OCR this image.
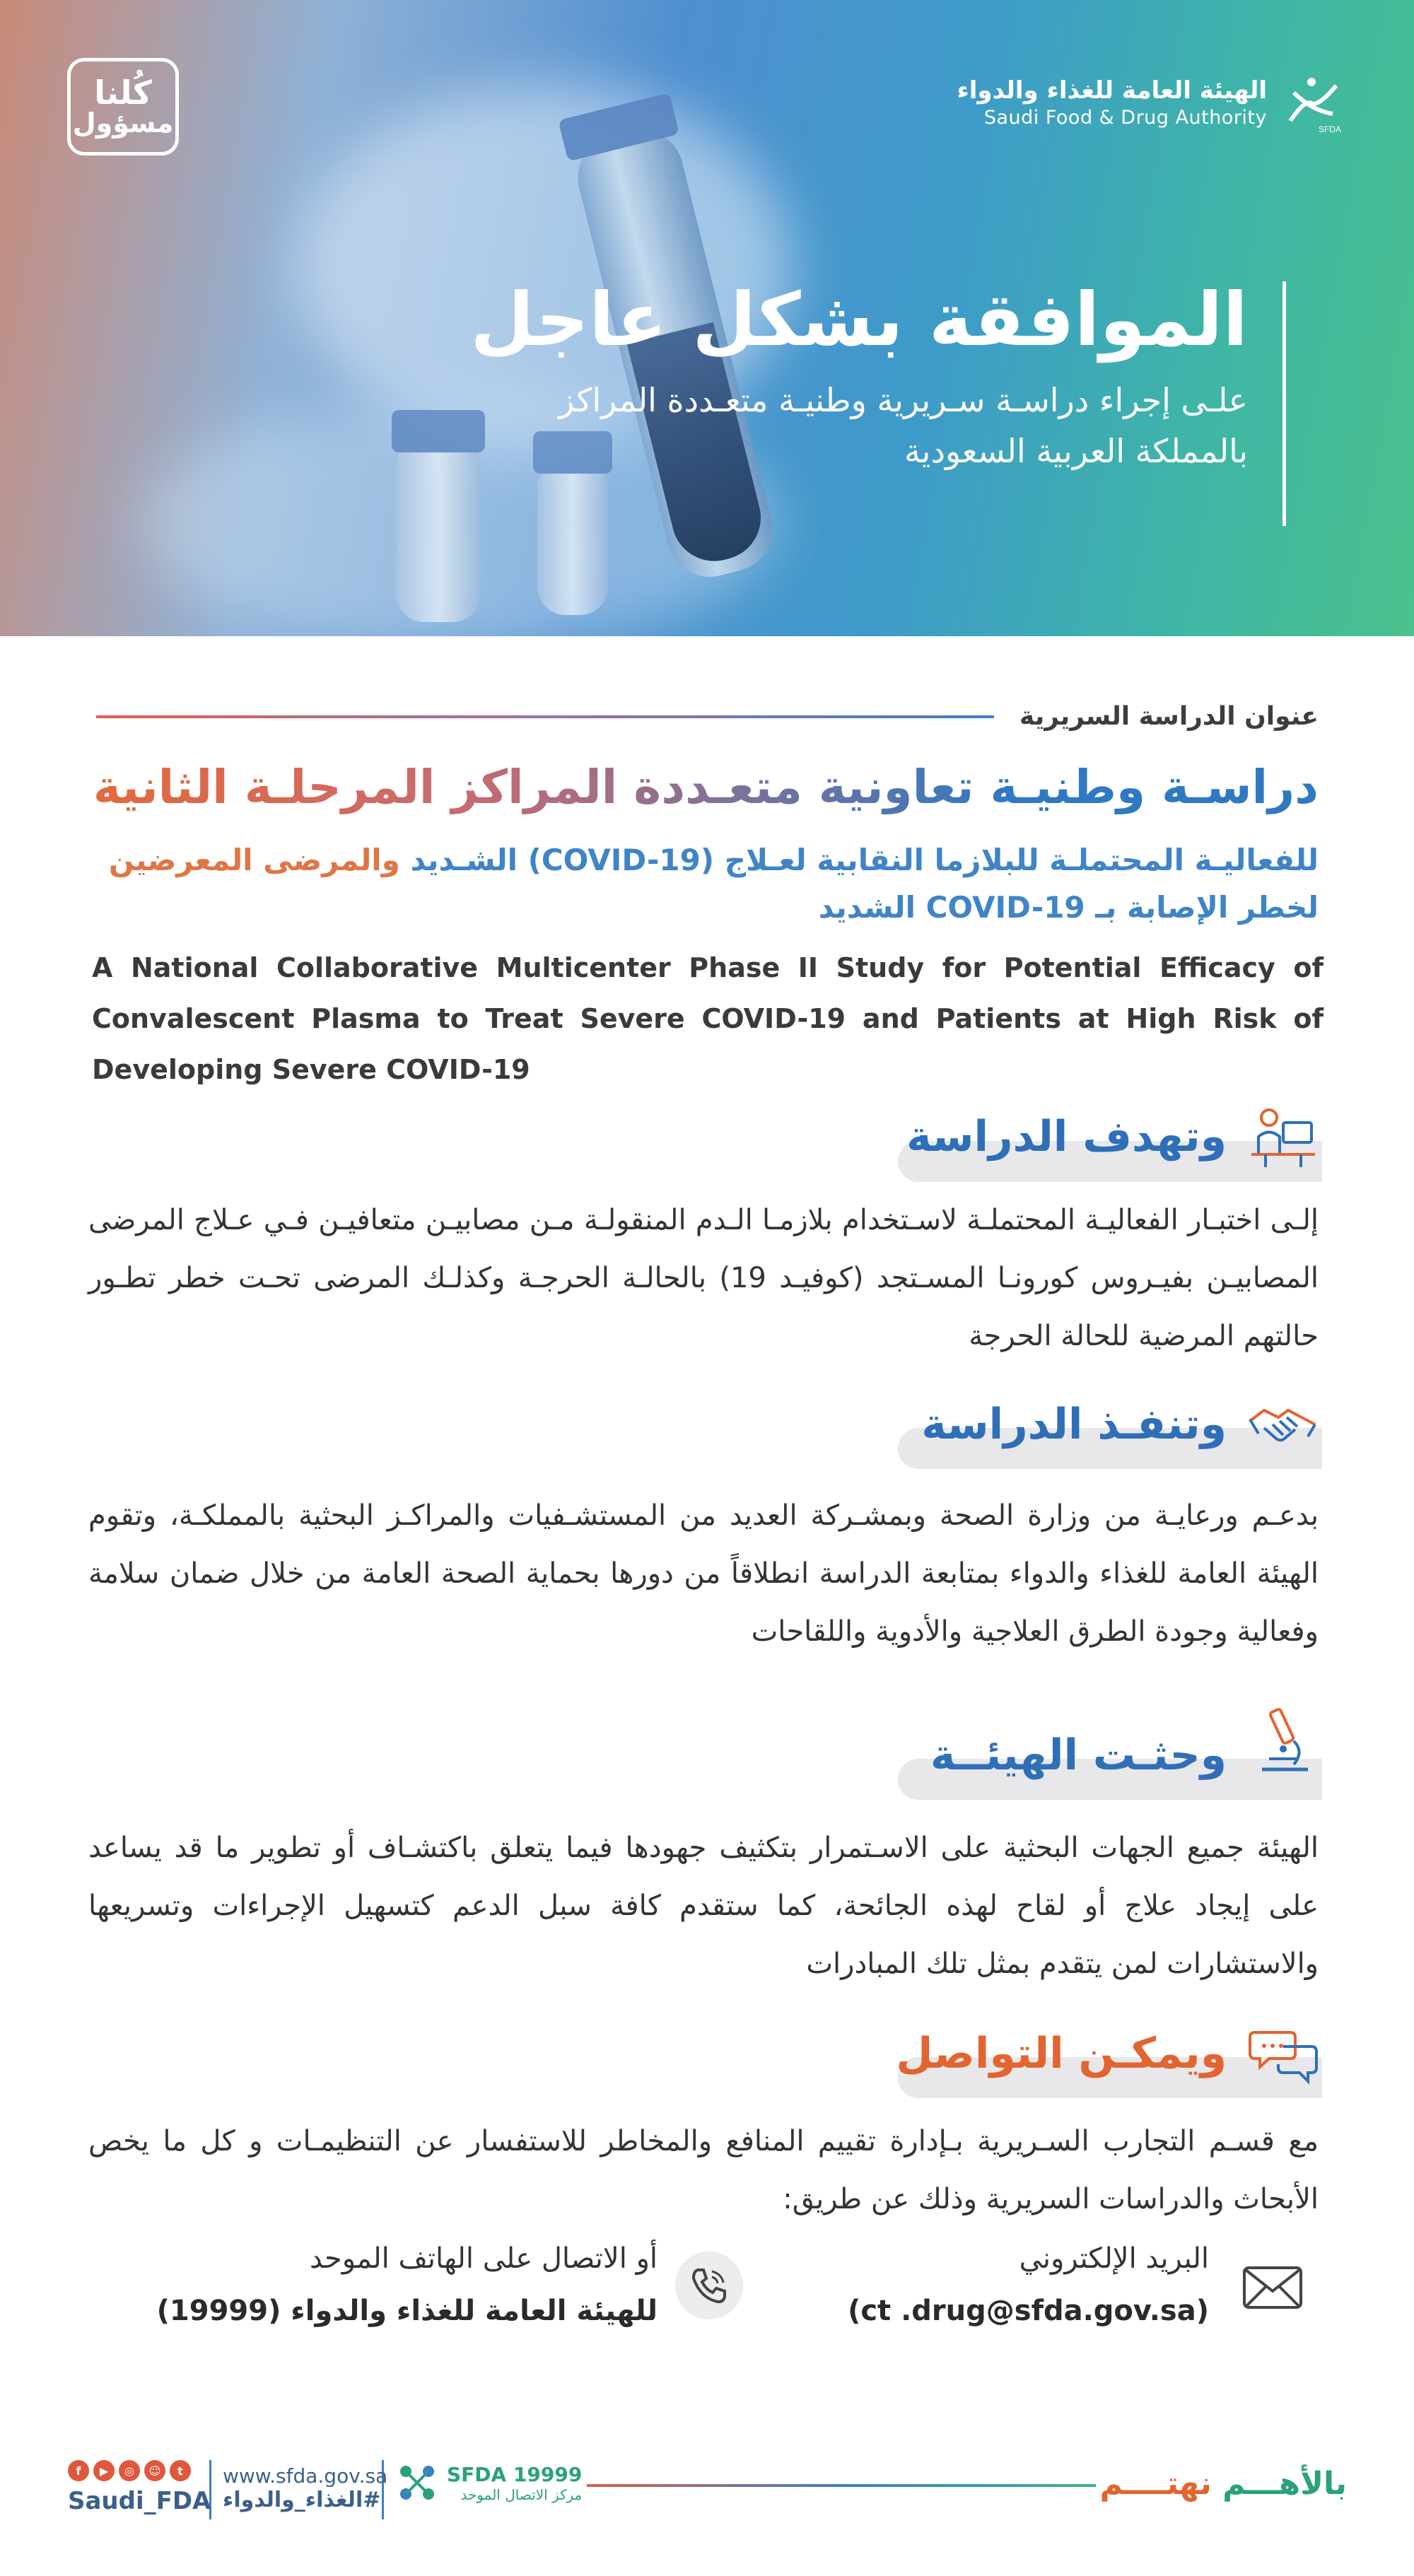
كُلنا
مسؤول
الهيئة العامة للغذاء والدواء
Saudi Food & Drug Authority
SFDA
الموافقة بشكل عاجل
علـى إجراء دراسـة سـريرية وطنيـة متعـددة المراكز
بالمملكة العربية السعودية
عنوان الدراسة السريرية
دراسـة وطنيـة تعاونية متعـددة المراكز المرحلـة الثانية
للفعاليـة المحتملـة للبلازما النقابية لعـلاج (COVID-19) الشـديد والمرضى المعرضين
لخطر الإصابة بـ COVID-19 الشديد
A National Collaborative Multicenter Phase II Study for Potential Efficacy of Convalescent Plasma to Treat Severe COVID-19 and Patients at High Risk of Developing Severe COVID-19
وتهدف الدراسة
إلـى اختبـار الفعاليـة المحتملـة لاسـتخدام بلازمـا الـدم المنقولـة مـن مصابيـن متعافيـن فـي عـلاج المرضى المصابيـن بفيـروس كورونـا المسـتجد (كوفيـد 19) بالحالـة الحرجـة وكذلـك المرضى تحـت خطر تطـور حالتهم المرضية للحالة الحرجة
وتنفـذ الدراسة
بدعـم ورعايـة من وزارة الصحة وبمشـركة العديد من المستشـفيات والمراكـز البحثية بالمملكـة، وتقوم الهيئة العامة للغذاء والدواء بمتابعة الدراسة انطلاقاً من دورها بحماية الصحة العامة من خلال ضمان سلامة وفعالية وجودة الطرق العلاجية والأدوية واللقاحات
وحثـت الهيئــة
الهيئة جميع الجهات البحثية على الاسـتمرار بتكثيف جهودها فيما يتعلق باكتشـاف أو تطوير ما قد يساعد على إيجاد علاج أو لقاح لهذه الجائحة، كما ستقدم كافة سبل الدعم كتسهيل الإجراءات وتسريعها والاستشارات لمن يتقدم بمثل تلك المبادرات
ويمكـن التواصل
مع قسـم التجارب السـريرية بـإدارة تقييم المنافع والمخاطر للاستفسار عن التنظيمـات و كل ما يخص الأبحاث والدراسات السريرية وذلك عن طريق:
البريد الإلكتروني
(ct .drug@sfda.gov.sa)
أو الاتصال على الهاتف الموحد
للهيئة العامة للغذاء والدواء (19999)
بالأهـــم نهتــــم
SFDA 19999
مركز الاتصال الموحد
www.sfda.gov.sa
#الغذاء_والدواء
f	▶	◎	☺	t
Saudi_FDA
